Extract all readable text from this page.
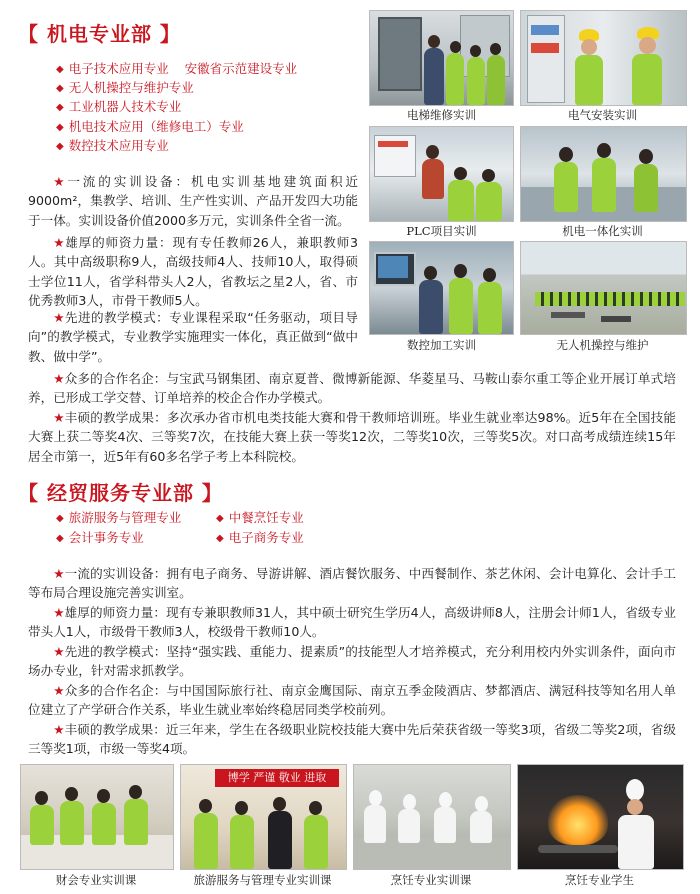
【 机电专业部 】
◆ 电子技术应用专业 安徽省示范建设专业
◆ 无人机操控与维护专业
◆ 工业机器人技术专业
◆ 机电技术应用（维修电工）专业
◆ 数控技术应用专业
★一流的实训设备：机电实训基地建筑面积近9000m²，集教学、培训、生产性实训、产品开发四大功能于一体。实训设备价值2000多万元，实训条件全省一流。
★雄厚的师资力量：现有专任教师26人，兼职教师3人。其中高级职称9人，高级技师4人、技师10人，取得硕士学位11人，省学科带头人2人，省教坛之星2人，省、市优秀教师3人，市骨干教师5人。
★先进的教学模式：专业课程采取“任务驱动，项目导向”的教学模式，专业教学实施理实一体化，真正做到“做中教、做中学”。
★众多的合作名企：与宝武马钢集团、南京夏普、微博新能源、华菱星马、马鞍山泰尔重工等企业开展订单式培养，已形成工学交替、订单培养的校企合作办学模式。
★丰硕的教学成果：多次承办省市机电类技能大赛和骨干教师培训班。毕业生就业率达98%。近5年在全国技能大赛上获二等奖4次、三等奖7次，在技能大赛上获一等奖12次，二等奖10次，三等奖5次。对口高考成绩连续15年居全市第一，近5年有60多名学子考上本科院校。
电梯维修实训	电气安装实训
PLC项目实训	机电一体化实训
数控加工实训	无人机操控与维护
【 经贸服务专业部 】
◆ 旅游服务与管理专业	◆ 中餐烹饪专业
◆ 会计事务专业	◆ 电子商务专业
★一流的实训设备：拥有电子商务、导游讲解、酒店餐饮服务、中西餐制作、茶艺休闲、会计电算化、会计手工等布局合理设施完善实训室。
★雄厚的师资力量：现有专兼职教师31人，其中硕士研究生学历4人，高级讲师8人，注册会计师1人，省级专业带头人1人，市级骨干教师3人，校级骨干教师10人。
★先进的教学模式：坚持“强实践、重能力、提素质”的技能型人才培养模式，充分利用校内外实训条件，面向市场办专业，针对需求抓教学。
★众多的合作名企：与中国国际旅行社、南京金鹰国际、南京五季金陵酒店、梦都酒店、满冠科技等知名用人单位建立了产学研合作关系，毕业生就业率始终稳居同类学校前列。
★丰硕的教学成果：近三年来，学生在各级职业院校技能大赛中先后荣获省级一等奖3项，省级二等奖2项，省级三等奖1项，市级一等奖4项。
财会专业实训课
博学 严谨 敬业 进取
旅游服务与管理专业实训课	烹饪专业实训课	烹饪专业学生
